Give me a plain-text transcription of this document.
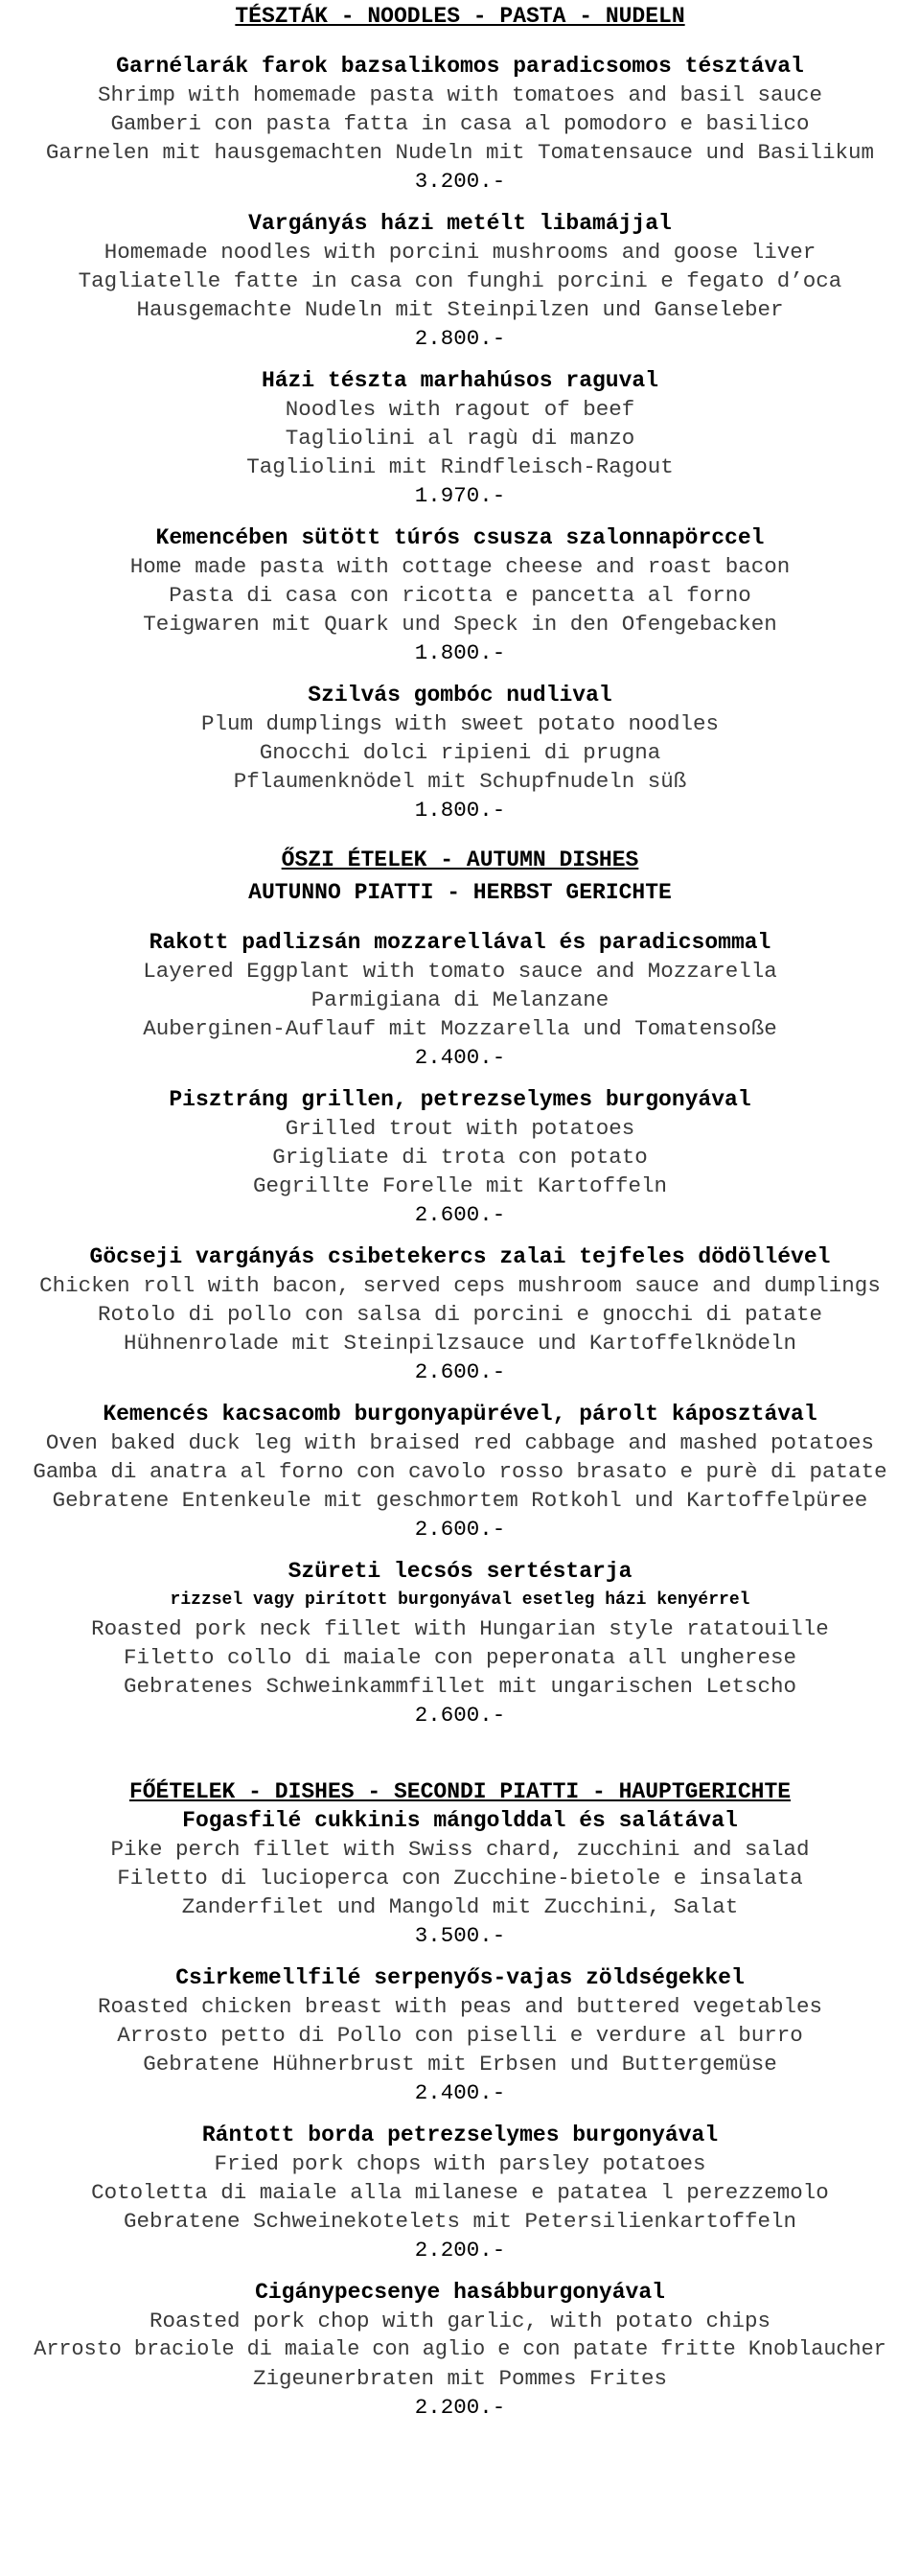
TÉSZTÁK - NOODLES - PASTA - NUDELN
Garnélarák farok bazsalikomos paradicsomos tésztával
Shrimp with homemade pasta with tomatoes and basil sauce
Gamberi con pasta fatta in casa al pomodoro e basilico
Garnelen mit hausgemachten Nudeln mit Tomatensauce und Basilikum
3.200.-
Vargányás házi metélt libamájjal
Homemade noodles with porcini mushrooms and goose liver
Tagliatelle fatte in casa con funghi porcini e fegato d’oca
Hausgemachte Nudeln mit Steinpilzen und Ganseleber
2.800.-
Házi tészta marhahúsos raguval
Noodles with ragout of beef
Tagliolini al ragù di manzo
Tagliolini mit Rindfleisch-Ragout
1.970.-
Kemencében sütött túrós csusza szalonnapörccel
Home made pasta with cottage cheese and roast bacon
Pasta di casa con ricotta e pancetta al forno
Teigwaren mit Quark und Speck in den Ofengebacken
1.800.-
Szilvás gombóc nudlival
Plum dumplings with sweet potato noodles
Gnocchi dolci ripieni di prugna
Pflaumenknödel mit Schupfnudeln süß
1.800.-
ŐSZI ÉTELEK - AUTUMN DISHES
AUTUNNO PIATTI - HERBST GERICHTE
Rakott padlizsán mozzarellával és paradicsommal
Layered Eggplant with tomato sauce and Mozzarella
Parmigiana di Melanzane
Auberginen-Auflauf mit Mozzarella und Tomatensoße
2.400.-
Pisztráng grillen, petrezselymes burgonyával
Grilled trout with potatoes
Grigliate di trota con potato
Gegrillte Forelle mit Kartoffeln
2.600.-
Göcseji vargányás csibetekercs zalai tejfeles dödöllével
Chicken roll with bacon, served ceps mushroom sauce and dumplings
Rotolo di pollo con salsa di porcini e gnocchi di patate
Hühnenrolade mit Steinpilzsauce und Kartoffelknödeln
2.600.-
Kemencés kacsacomb burgonyapürével, párolt káposztával
Oven baked duck leg with braised red cabbage and mashed potatoes
Gamba di anatra al forno con cavolo rosso brasato e purè di patate
Gebratene Entenkeule mit geschmortem Rotkohl und Kartoffelpüree
2.600.-
Szüreti lecsós sertéstarja
rizzsel vagy pirított burgonyával esetleg házi kenyérrel
Roasted pork neck fillet with Hungarian style ratatouille
Filetto collo di maiale con peperonata all ungherese
Gebratenes Schweinkammfillet mit ungarischen Letscho
2.600.-
FŐÉTELEK - DISHES - SECONDI PIATTI - HAUPTGERICHTE
Fogasfilé cukkinis mángolddal és salátával
Pike perch fillet with Swiss chard, zucchini and salad
Filetto di lucioperca con Zucchine-bietole e insalata
Zanderfilet und Mangold mit Zucchini, Salat
3.500.-
Csirkemellfilé serpenyős-vajas zöldségekkel
Roasted chicken breast with peas and buttered vegetables
Arrosto petto di Pollo con piselli e verdure al burro
Gebratene Hühnerbrust mit Erbsen und Buttergemüse
2.400.-
Rántott borda petrezselymes burgonyával
Fried pork chops with parsley potatoes
Cotoletta di maiale alla milanese e patatea l perezzemolo
Gebratene Schweinekotelets mit Petersilienkartoffeln
2.200.-
Cigánypecsenye hasábburgonyával
Roasted pork chop with garlic, with potato chips
Arrosto braciole di maiale con aglio e con patate fritte Knoblaucher
Zigeunerbraten mit Pommes Frites
2.200.-
